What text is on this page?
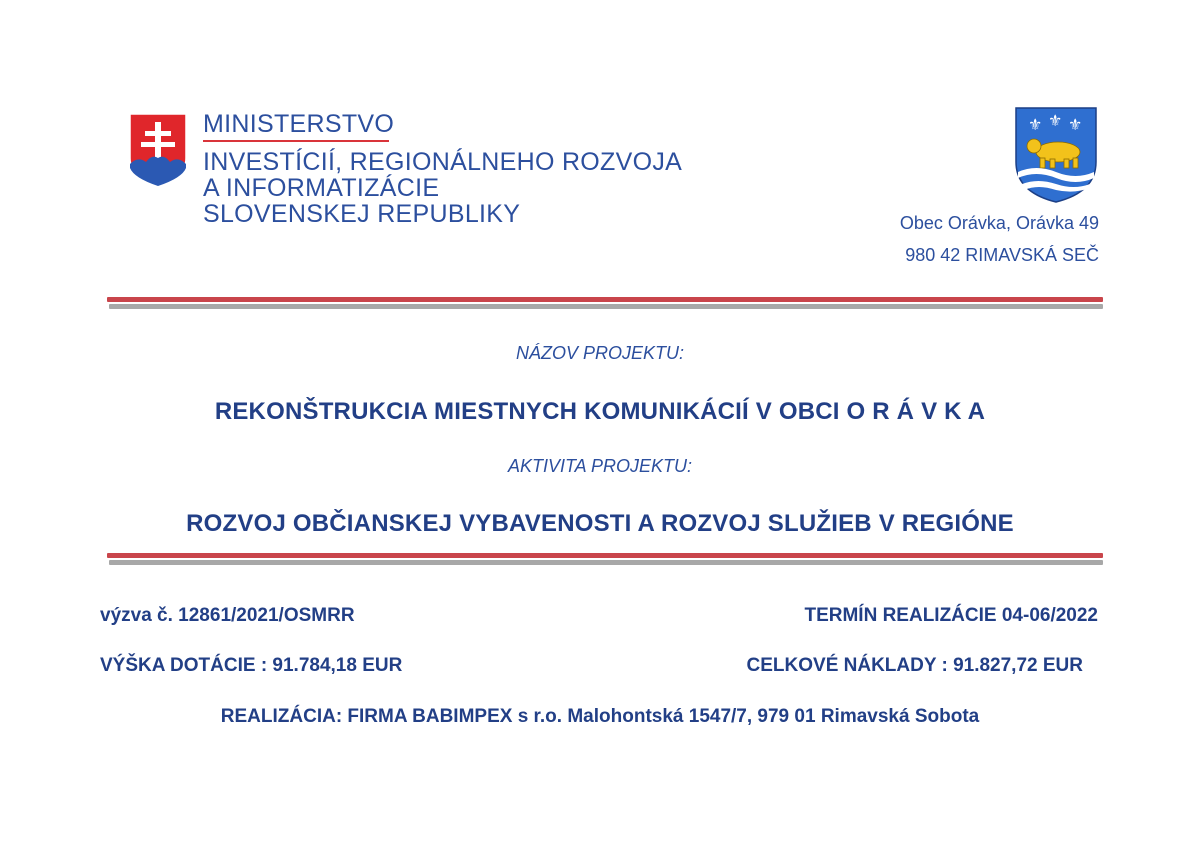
MINISTERSTVO
INVESTÍCIÍ, REGIONÁLNEHO ROZVOJA
A INFORMATIZÁCIE
SLOVENSKEJ REPUBLIKY
⚜ ⚜ ⚜
Obec Orávka, Orávka 49
980 42 RIMAVSKÁ SEČ
NÁZOV PROJEKTU:
REKONŠTRUKCIA MIESTNYCH KOMUNIKÁCIÍ V OBCI O R Á V K A
AKTIVITA PROJEKTU:
ROZVOJ OBČIANSKEJ VYBAVENOSTI A ROZVOJ SLUŽIEB V REGIÓNE
výzva č. 12861/2021/OSMRR	TERMÍN REALIZÁCIE 04-06/2022
VÝŠKA DOTÁCIE : 91.784,18 EUR	CELKOVÉ NÁKLADY : 91.827,72 EUR
REALIZÁCIA: FIRMA BABIMPEX s r.o. Malohontská 1547/7, 979 01 Rimavská Sobota
